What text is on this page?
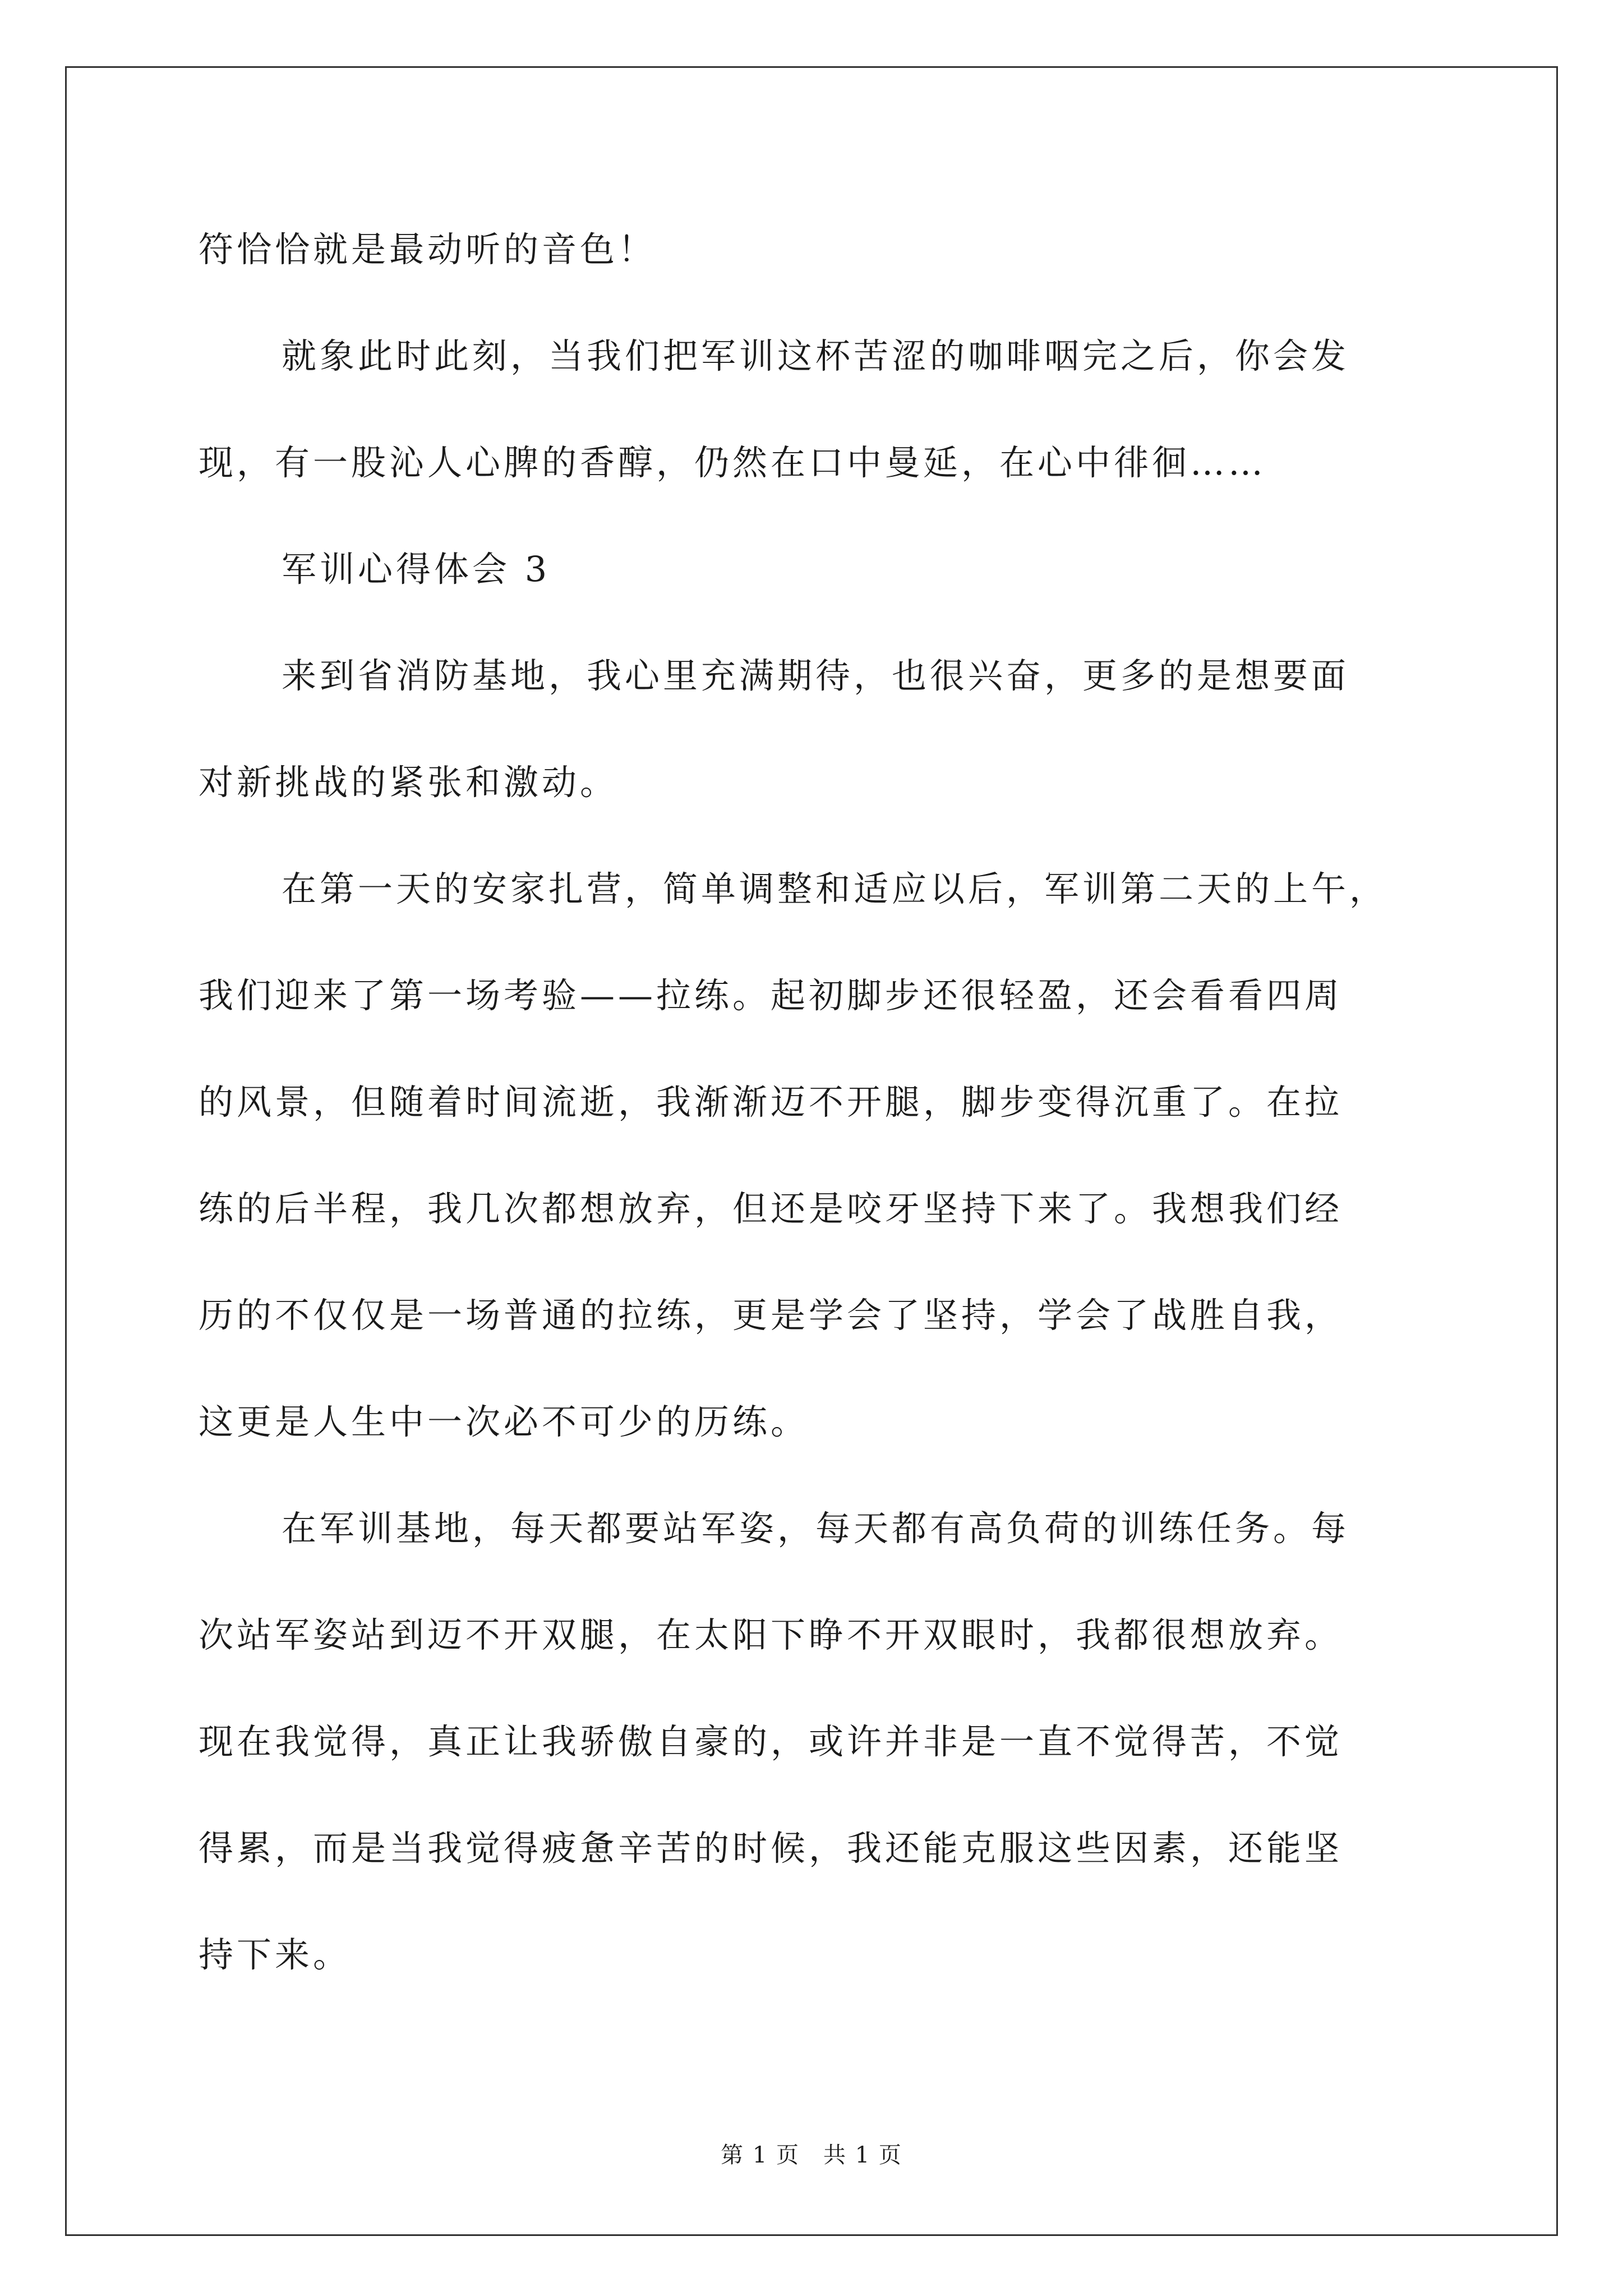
符恰恰就是最动听的音色！
就象此时此刻，当我们把军训这杯苦涩的咖啡咽完之后，你会发
现，有一股沁人心脾的香醇，仍然在口中曼延，在心中徘徊……
军训心得体会 3
来到省消防基地，我心里充满期待，也很兴奋，更多的是想要面
对新挑战的紧张和激动。
在第一天的安家扎营，简单调整和适应以后，军训第二天的上午，
我们迎来了第一场考验——拉练。起初脚步还很轻盈，还会看看四周
的风景，但随着时间流逝，我渐渐迈不开腿，脚步变得沉重了。在拉
练的后半程，我几次都想放弃，但还是咬牙坚持下来了。我想我们经
历的不仅仅是一场普通的拉练，更是学会了坚持，学会了战胜自我，
这更是人生中一次必不可少的历练。
在军训基地，每天都要站军姿，每天都有高负荷的训练任务。每
次站军姿站到迈不开双腿，在太阳下睁不开双眼时，我都很想放弃。
现在我觉得，真正让我骄傲自豪的，或许并非是一直不觉得苦，不觉
得累，而是当我觉得疲惫辛苦的时候，我还能克服这些因素，还能坚
持下来。
第 1 页　共 1 页
